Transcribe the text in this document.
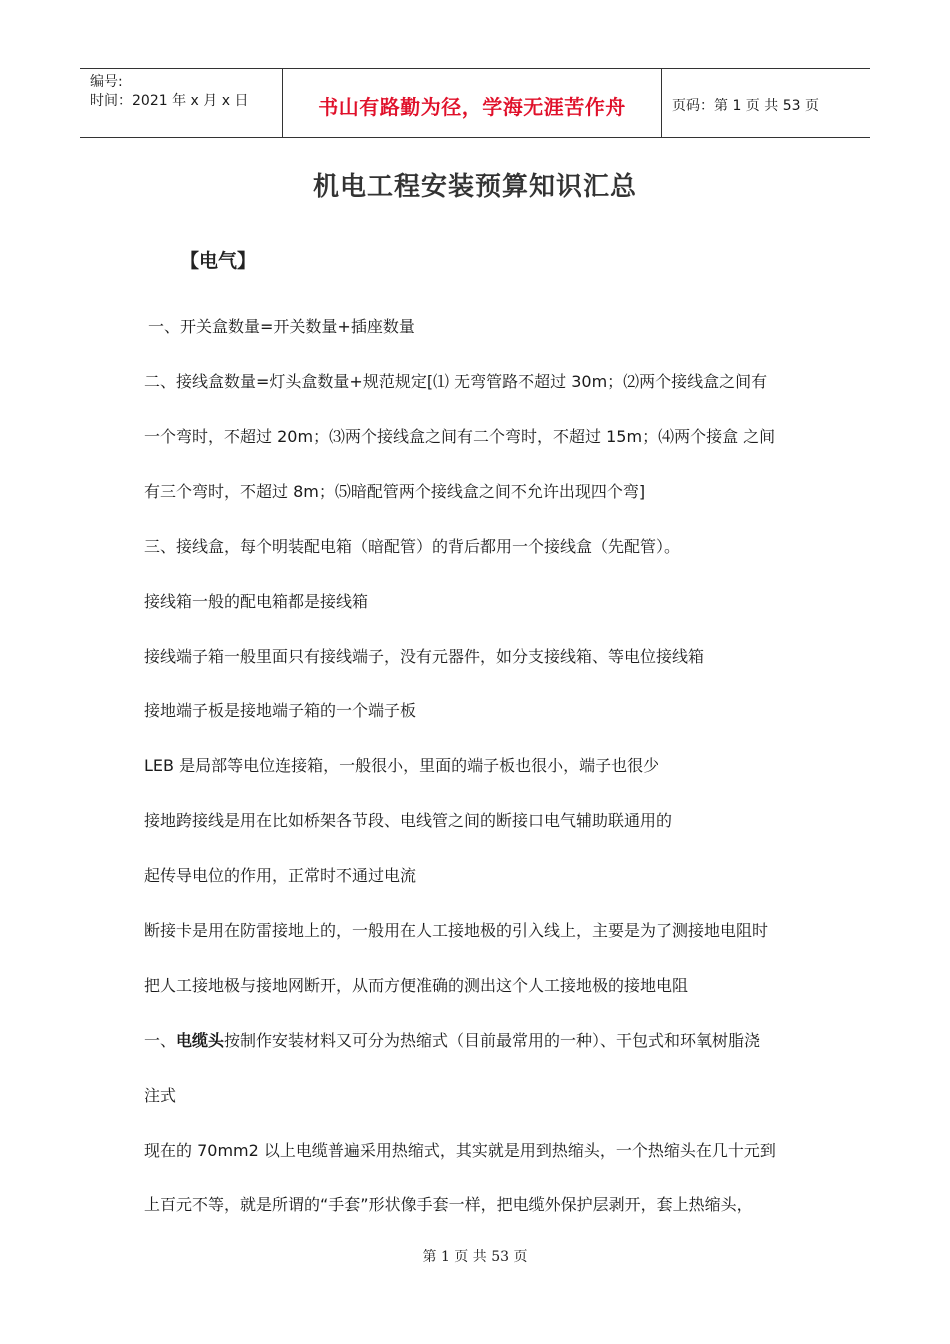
编号:
时间：2021 年 x 月 x 日	书山有路勤为径，学海无涯苦作舟	页码：第 1 页 共 53 页
机电工程安装预算知识汇总
【电气】
一、开关盒数量=开关数量+插座数量
二、接线盒数量=灯头盒数量+规范规定[⑴ 无弯管路不超过 30m；⑵两个接线盒之间有
一个弯时，不超过 20m；⑶两个接线盒之间有二个弯时，不超过 15m；⑷两个接盒 之间
有三个弯时，不超过 8m；⑸暗配管两个接线盒之间不允许出现四个弯]
三、接线盒，每个明装配电箱（暗配管）的背后都用一个接线盒（先配管）。
接线箱一般的配电箱都是接线箱
接线端子箱一般里面只有接线端子，没有元器件，如分支接线箱、等电位接线箱
接地端子板是接地端子箱的一个端子板
LEB 是局部等电位连接箱，一般很小，里面的端子板也很小，端子也很少
接地跨接线是用在比如桥架各节段、电线管之间的断接口电气辅助联通用的
起传导电位的作用，正常时不通过电流
断接卡是用在防雷接地上的，一般用在人工接地极的引入线上，主要是为了测接地电阻时
把人工接地极与接地网断开，从而方便准确的测出这个人工接地极的接地电阻
一、电缆头按制作安装材料又可分为热缩式（目前最常用的一种）、干包式和环氧树脂浇
注式
现在的 70mm2 以上电缆普遍采用热缩式，其实就是用到热缩头，一个热缩头在几十元到
上百元不等，就是所谓的“手套”形状像手套一样，把电缆外保护层剥开，套上热缩头，
第 1 页 共 53 页
